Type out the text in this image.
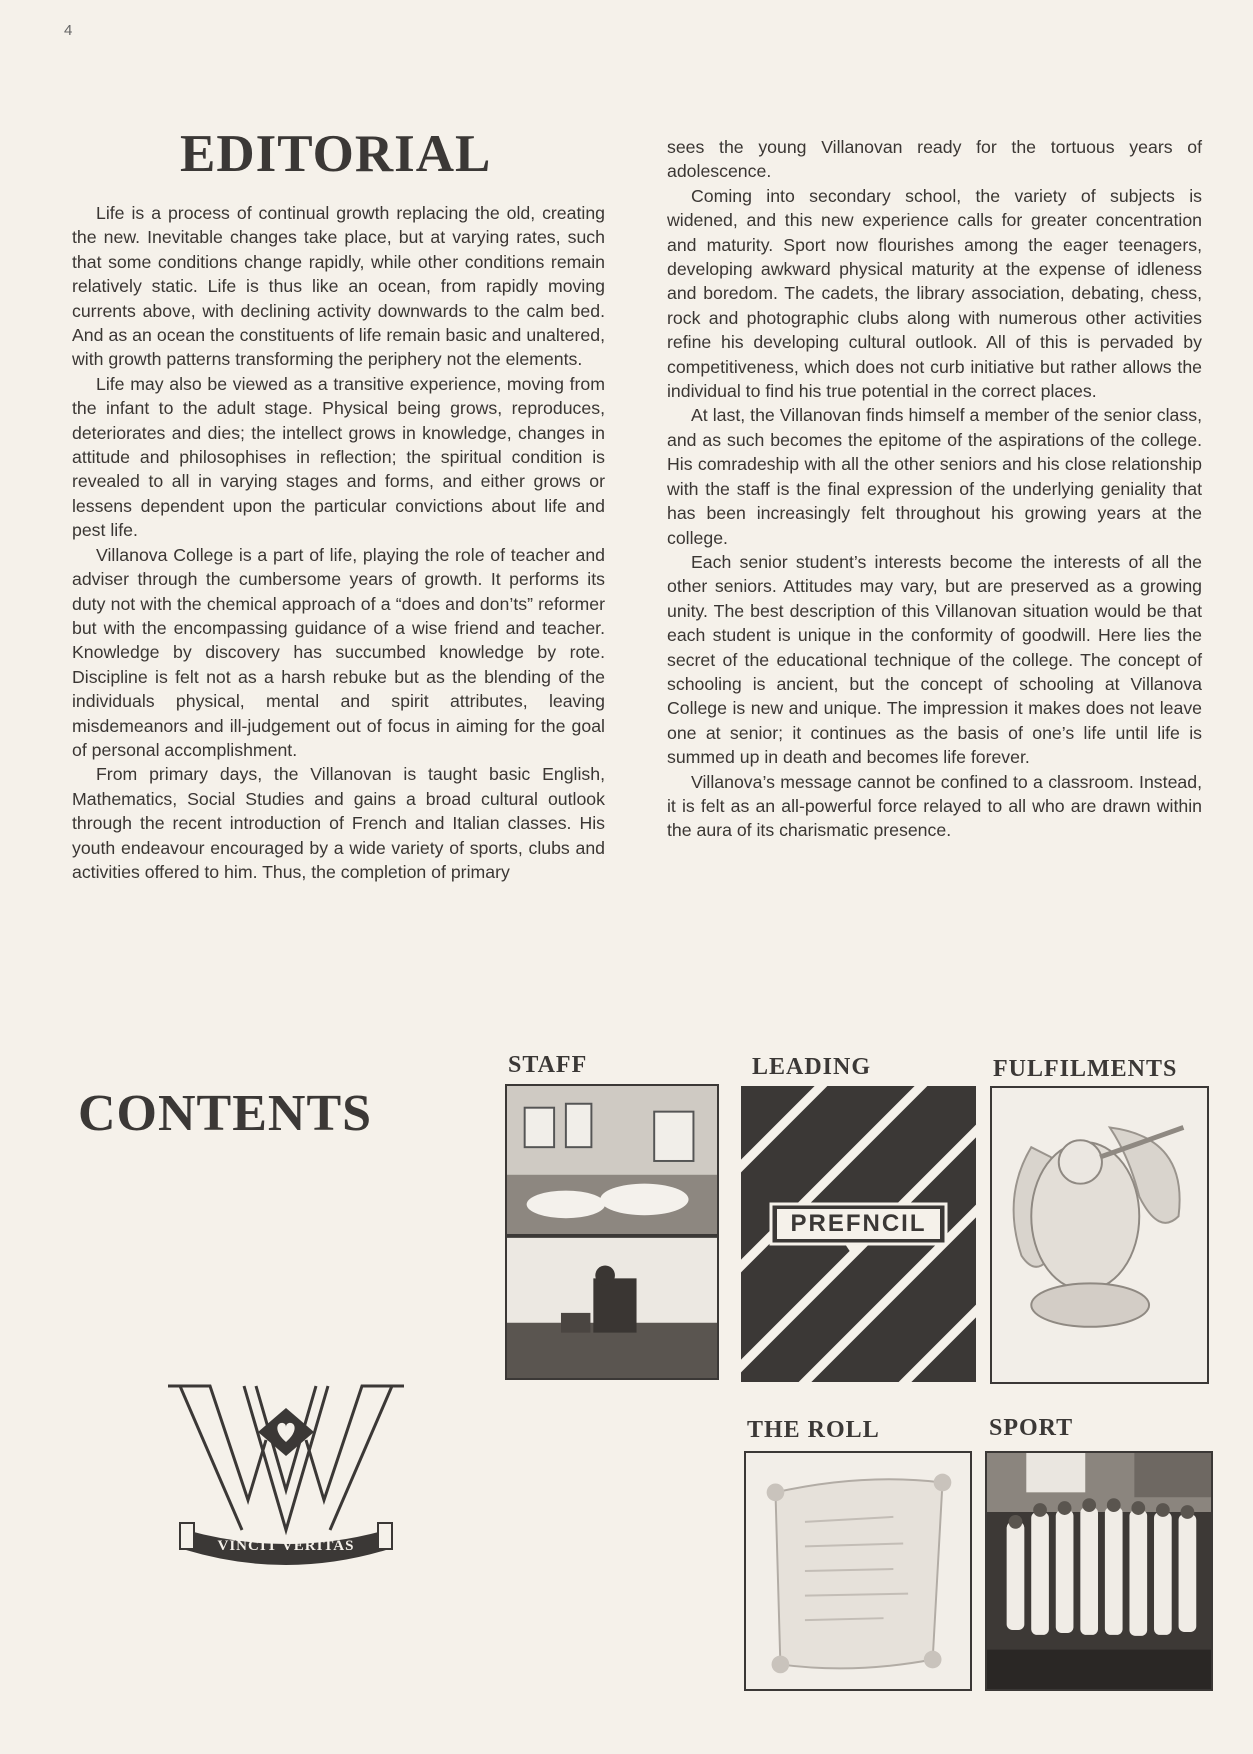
4
EDITORIAL

Life is a process of continual growth replacing the old, creating the new. Inevitable changes take place, but at varying rates, such that some conditions change rapidly, while other conditions remain relatively static. Life is thus like an ocean, from rapidly moving currents above, with declining activity downwards to the calm bed. And as an ocean the constituents of life remain basic and unaltered, with growth patterns transforming the periphery not the elements.

Life may also be viewed as a transitive experience, moving from the infant to the adult stage. Physical being grows, reproduces, deteriorates and dies; the intellect grows in knowledge, changes in attitude and philosophises in reflection; the spiritual condition is revealed to all in varying stages and forms, and either grows or lessens dependent upon the particular convictions about life and pest life.

Villanova College is a part of life, playing the role of teacher and adviser through the cumbersome years of growth. It performs its duty not with the chemical approach of a “does and don’ts” reformer but with the encompassing guidance of a wise friend and teacher. Knowledge by discovery has succumbed knowledge by rote. Discipline is felt not as a harsh rebuke but as the blending of the individuals physical, mental and spirit attributes, leaving misdemeanors and ill-judgement out of focus in aiming for the goal of personal accomplishment.

From primary days, the Villanovan is taught basic English, Mathematics, Social Studies and gains a broad cultural outlook through the recent introduction of French and Italian classes. His youth endeavour encouraged by a wide variety of sports, clubs and activities offered to him. Thus, the completion of primary

sees the young Villanovan ready for the tortuous years of adolescence.

Coming into secondary school, the variety of subjects is widened, and this new experience calls for greater concentration and maturity. Sport now flourishes among the eager teenagers, developing awkward physical maturity at the expense of idleness and boredom. The cadets, the library association, debating, chess, rock and photographic clubs along with numerous other activities refine his developing cultural outlook. All of this is pervaded by competitiveness, which does not curb initiative but rather allows the individual to find his true potential in the correct places.

At last, the Villanovan finds himself a member of the senior class, and as such becomes the epitome of the aspirations of the college. His comradeship with all the other seniors and his close relationship with the staff is the final expression of the underlying geniality that has been increasingly felt throughout his growing years at the college.

Each senior student’s interests become the interests of all the other seniors. Attitudes may vary, but are preserved as a growing unity. The best description of this Villanovan situation would be that each student is unique in the conformity of goodwill. Here lies the secret of the educational technique of the college. The concept of schooling is ancient, but the concept of schooling at Villanova College is new and unique. The impression it makes does not leave one at senior; it continues as the basis of one’s life until life is summed up in death and becomes life forever.

Villanova’s message cannot be confined to a classroom. Instead, it is felt as an all-powerful force relayed to all who are drawn within the aura of its charismatic presence.

CONTENTS
STAFF	LEADING
PREFNCIL
FULFILMENTS
THE ROLL	SPORT
VINCIT VERITAS
